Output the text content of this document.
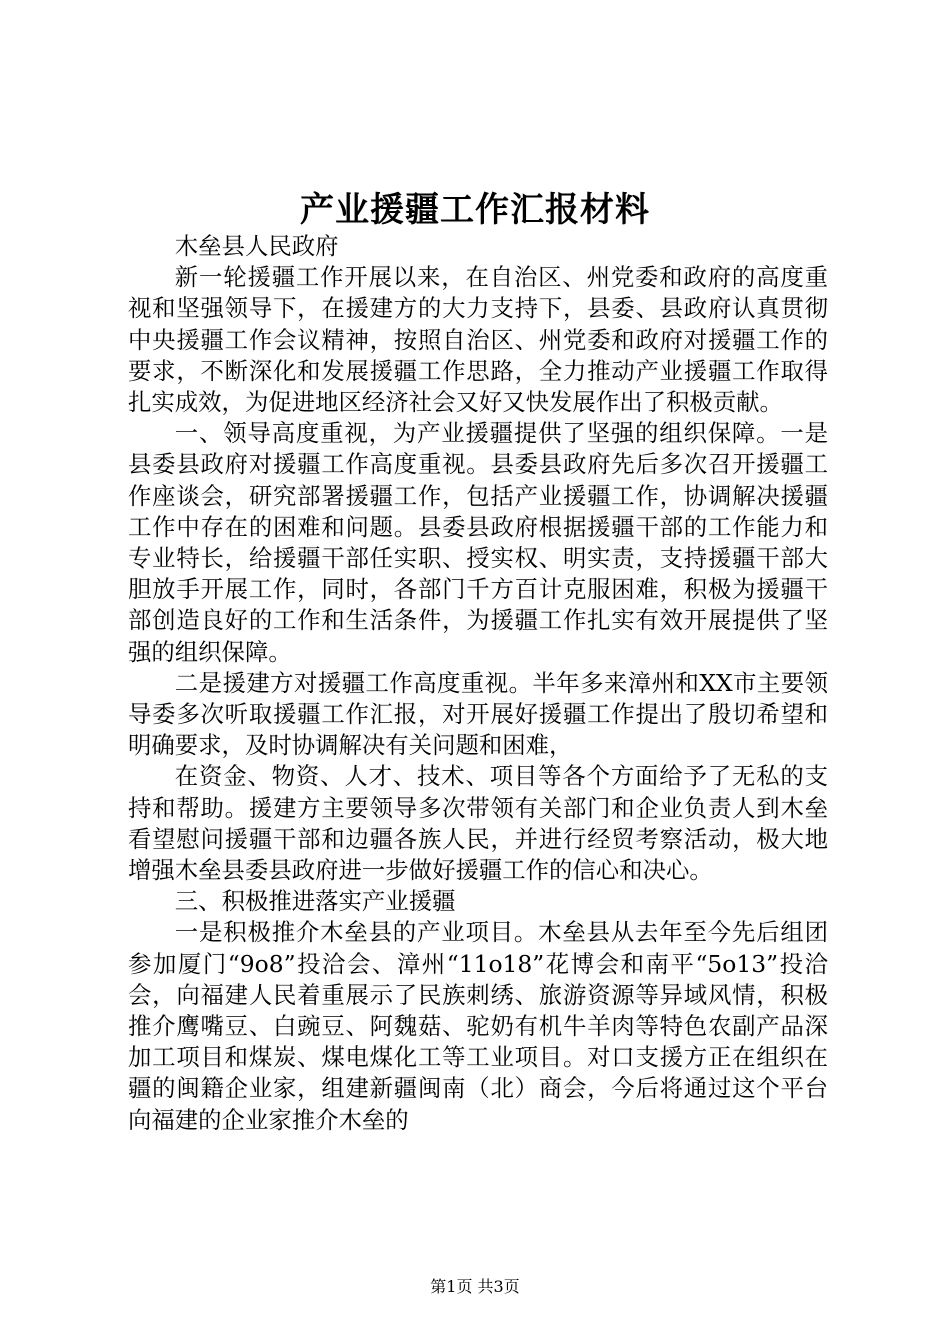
产业援疆工作汇报材料

木垒县人民政府

新一轮援疆工作开展以来，在自治区、州党委和政府的高度重视和坚强领导下，在援建方的大力支持下，县委、县政府认真贯彻中央援疆工作会议精神，按照自治区、州党委和政府对援疆工作的要求，不断深化和发展援疆工作思路，全力推动产业援疆工作取得扎实成效，为促进地区经济社会又好又快发展作出了积极贡献。

一、领导高度重视，为产业援疆提供了坚强的组织保障。一是县委县政府对援疆工作高度重视。县委县政府先后多次召开援疆工作座谈会，研究部署援疆工作，包括产业援疆工作，协调解决援疆工作中存在的困难和问题。县委县政府根据援疆干部的工作能力和专业特长，给援疆干部任实职、授实权、明实责，支持援疆干部大胆放手开展工作，同时，各部门千方百计克服困难，积极为援疆干部创造良好的工作和生活条件，为援疆工作扎实有效开展提供了坚强的组织保障。

二是援建方对援疆工作高度重视。半年多来漳州和XX市主要领导委多次听取援疆工作汇报，对开展好援疆工作提出了殷切希望和明确要求，及时协调解决有关问题和困难，

在资金、物资、人才、技术、项目等各个方面给予了无私的支持和帮助。援建方主要领导多次带领有关部门和企业负责人到木垒看望慰问援疆干部和边疆各族人民，并进行经贸考察活动，极大地增强木垒县委县政府进一步做好援疆工作的信心和决心。

三、积极推进落实产业援疆

一是积极推介木垒县的产业项目。木垒县从去年至今先后组团参加厦门“9o8”投洽会、漳州“11o18”花博会和南平“5o13”投洽会，向福建人民着重展示了民族刺绣、旅游资源等异域风情，积极推介鹰嘴豆、白豌豆、阿魏菇、驼奶有机牛羊肉等特色农副产品深加工项目和煤炭、煤电煤化工等工业项目。对口支援方正在组织在疆的闽籍企业家，组建新疆闽南（北）商会，今后将通过这个平台向福建的企业家推介木垒的

第1页 共3页
